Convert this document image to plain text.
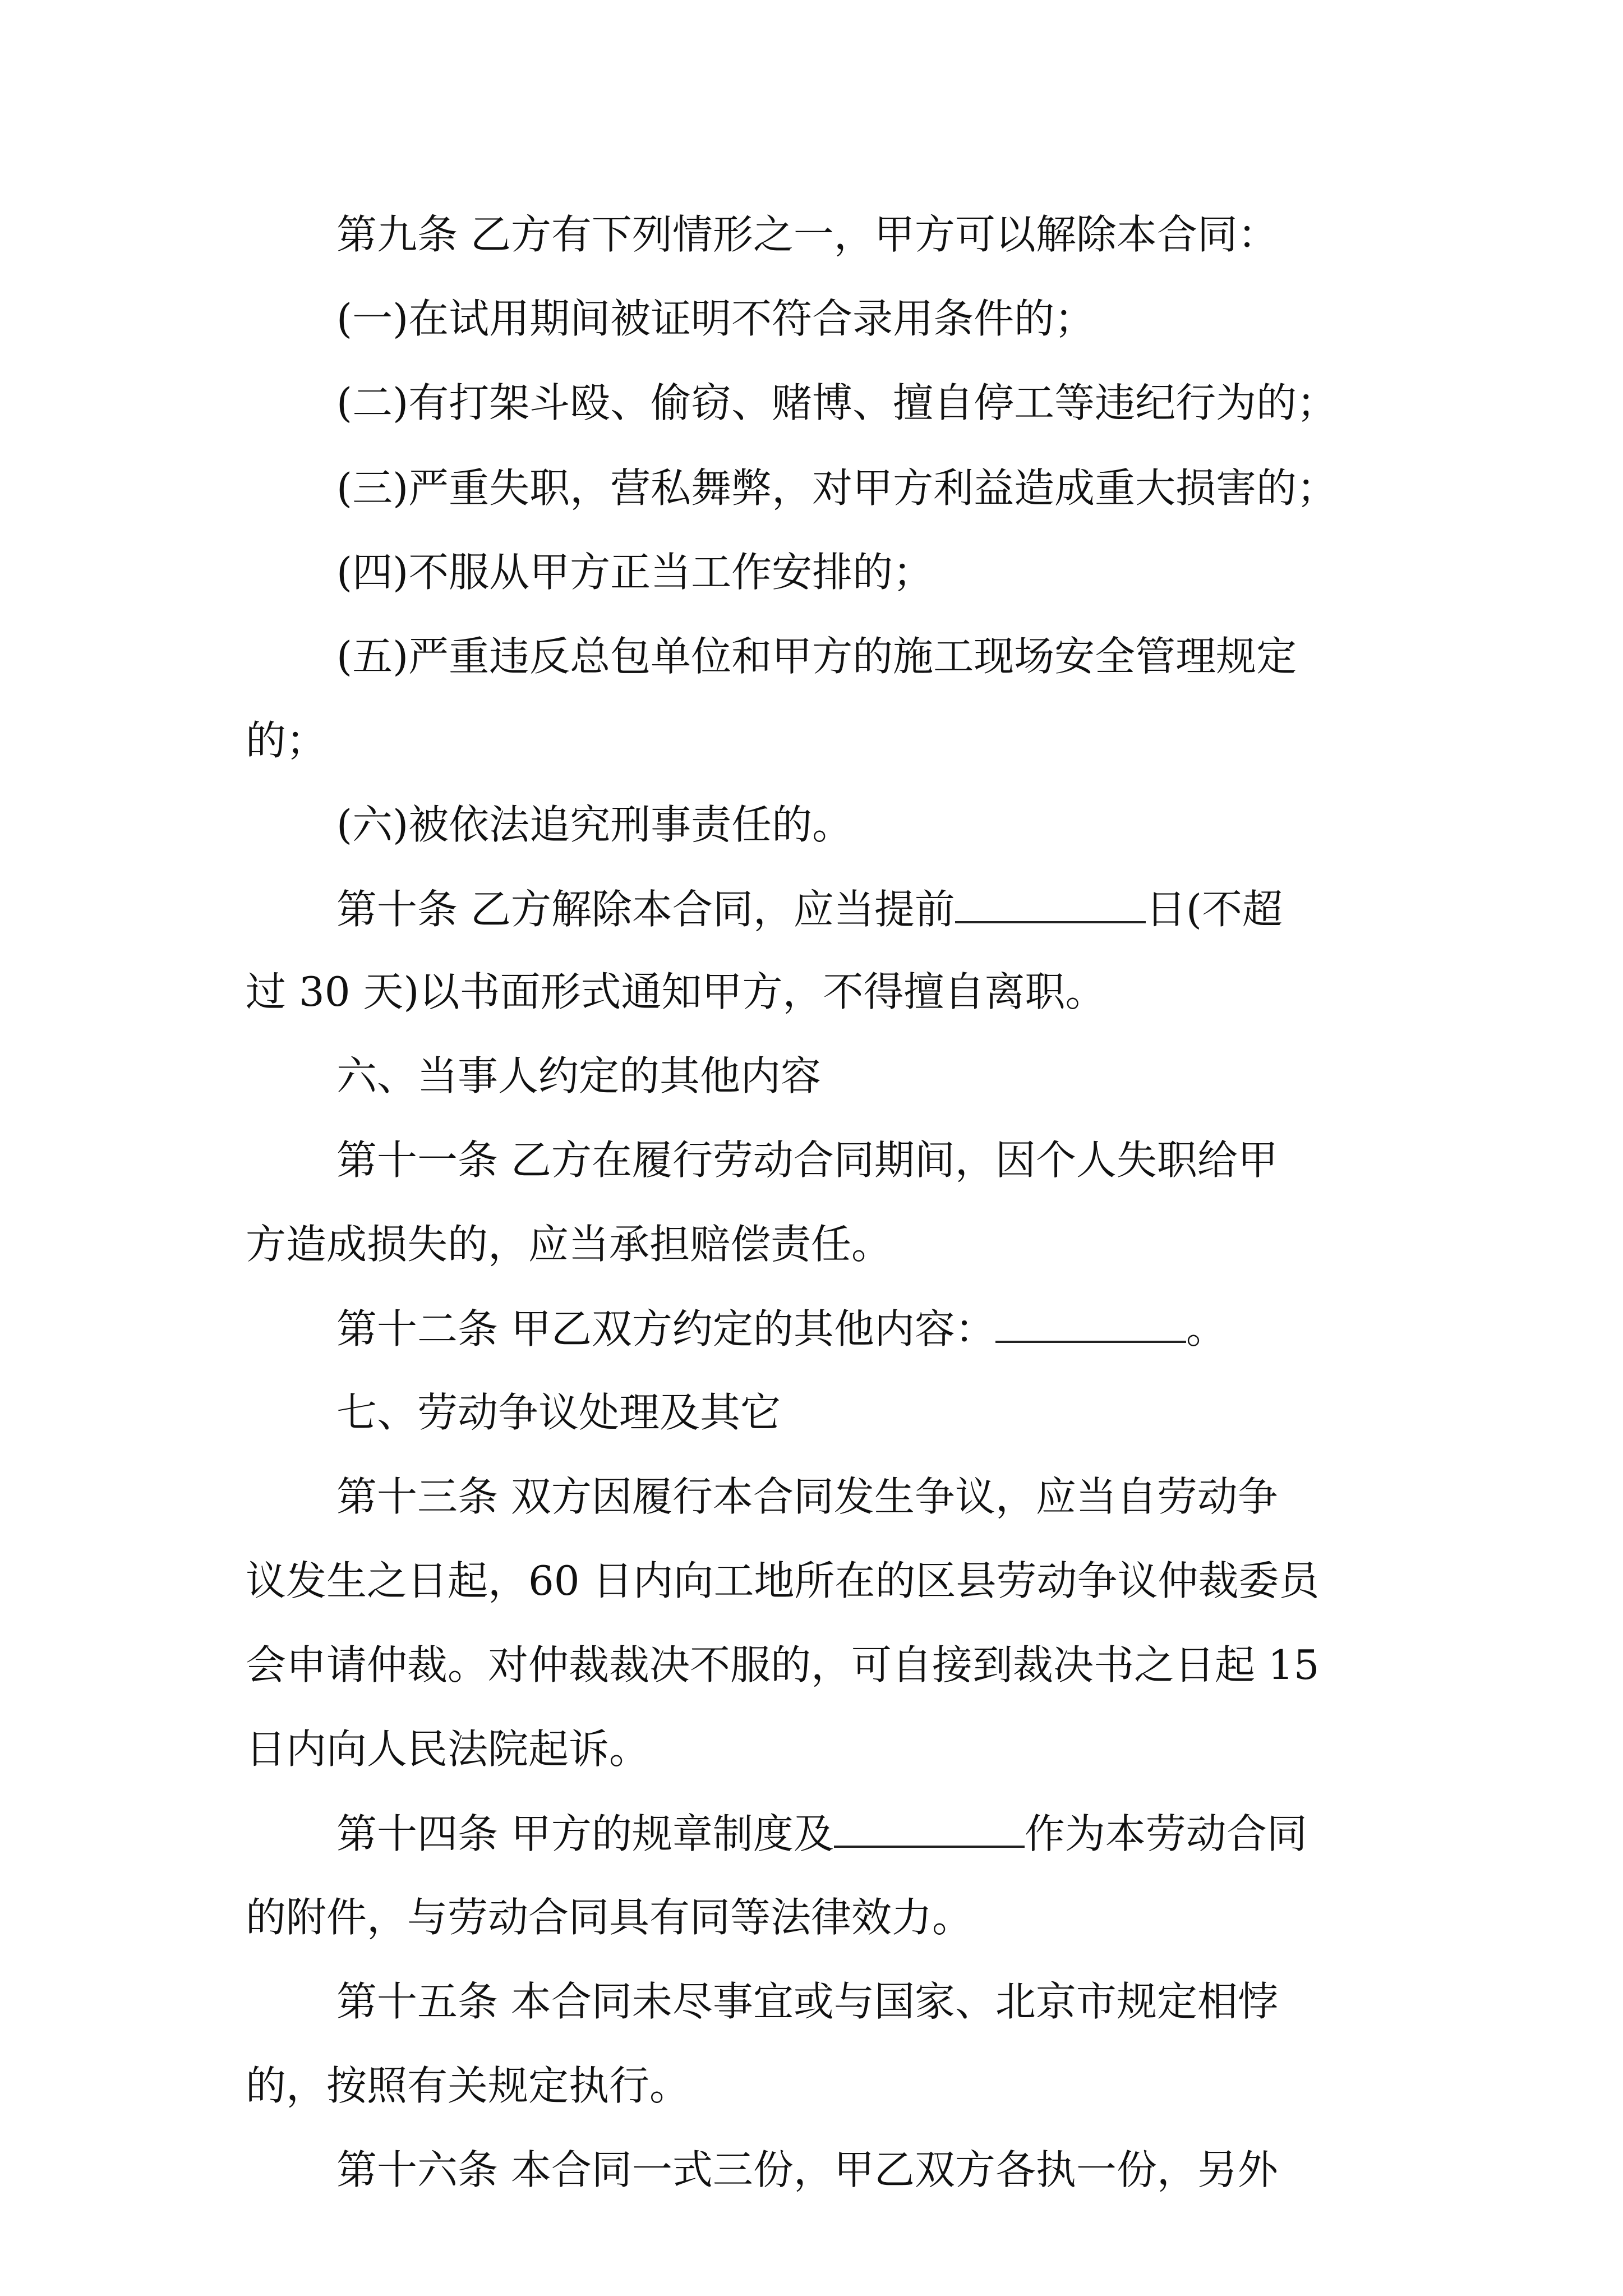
第九条 乙方有下列情形之一，甲方可以解除本合同：
(一)在试用期间被证明不符合录用条件的；
(二)有打架斗殴、偷窃、赌博、擅自停工等违纪行为的；
(三)严重失职，营私舞弊，对甲方利益造成重大损害的；
(四)不服从甲方正当工作安排的；
(五)严重违反总包单位和甲方的施工现场安全管理规定
的；
(六)被依法追究刑事责任的。
第十条 乙方解除本合同，应当提前	日(不超
过 30 天)以书面形式通知甲方，不得擅自离职。
六、当事人约定的其他内容
第十一条 乙方在履行劳动合同期间，因个人失职给甲
方造成损失的，应当承担赔偿责任。
第十二条 甲乙双方约定的其他内容：	。
七、劳动争议处理及其它
第十三条 双方因履行本合同发生争议，应当自劳动争
议发生之日起，60 日内向工地所在的区县劳动争议仲裁委员
会申请仲裁。对仲裁裁决不服的，可自接到裁决书之日起 15
日内向人民法院起诉。
第十四条 甲方的规章制度及	作为本劳动合同
的附件，与劳动合同具有同等法律效力。
第十五条 本合同未尽事宜或与国家、北京市规定相悖
的，按照有关规定执行。
第十六条 本合同一式三份，甲乙双方各执一份，另外
